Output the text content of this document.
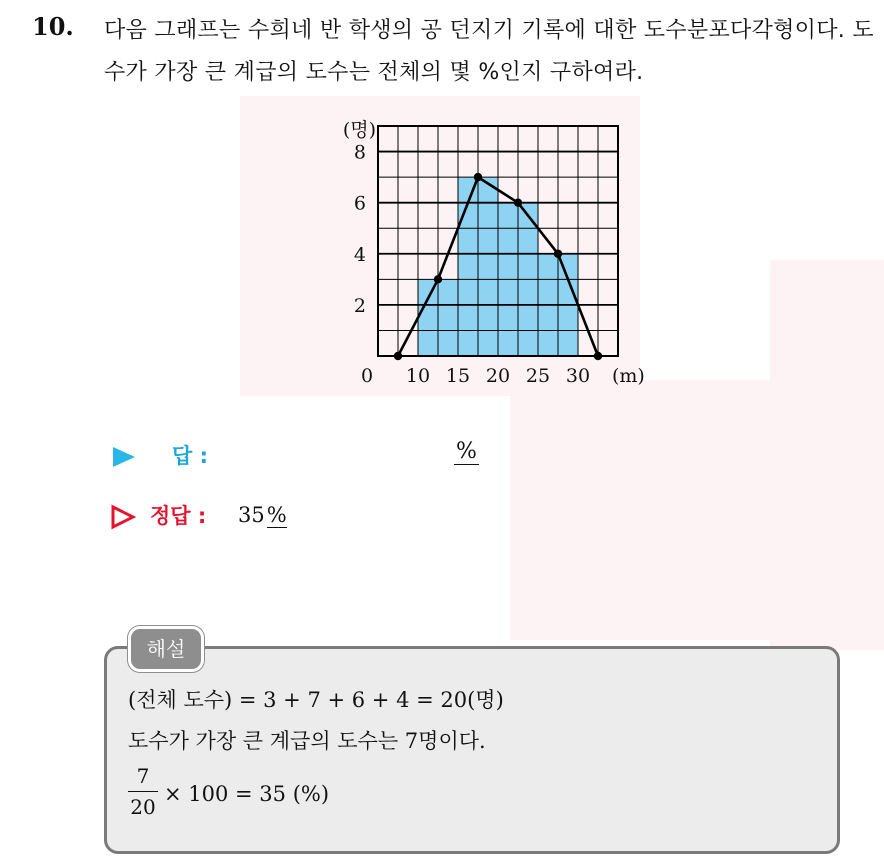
10. 다음 그래프는 수희네 반 학생의 공 던지기 기록에 대한 도수분포다각형이다. 도수가 가장 큰 계급의 도수는 전체의 몇 %인지 구하여라.
(명)
0
2
4
6
8
10 15 20 25 30 (m)
답 :	%
정답 : 35%
해설
(전체 도수) = 3 + 7 + 6 + 4 = 20(명)
도수가 가장 큰 계급의 도수는 7명이다.
7
20
× 100 = 35 (%)
